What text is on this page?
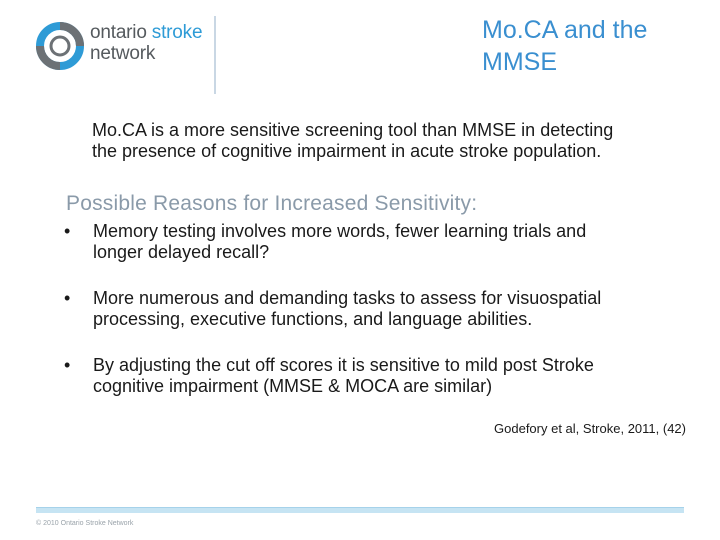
ontario stroke
network
Mo.CA and the
MMSE
Mo.CA is a more sensitive screening tool than MMSE in detecting
the presence of cognitive impairment in acute stroke population.
Possible Reasons for Increased Sensitivity:
• Memory testing involves more words, fewer learning trials and
longer delayed recall?
• More numerous and demanding tasks to assess for visuospatial
processing, executive functions, and language abilities.
• By adjusting the cut off scores it is sensitive to mild post Stroke
cognitive impairment (MMSE & MOCA are similar)
Godefory et al, Stroke, 2011, (42)
© 2010 Ontario Stroke Network
